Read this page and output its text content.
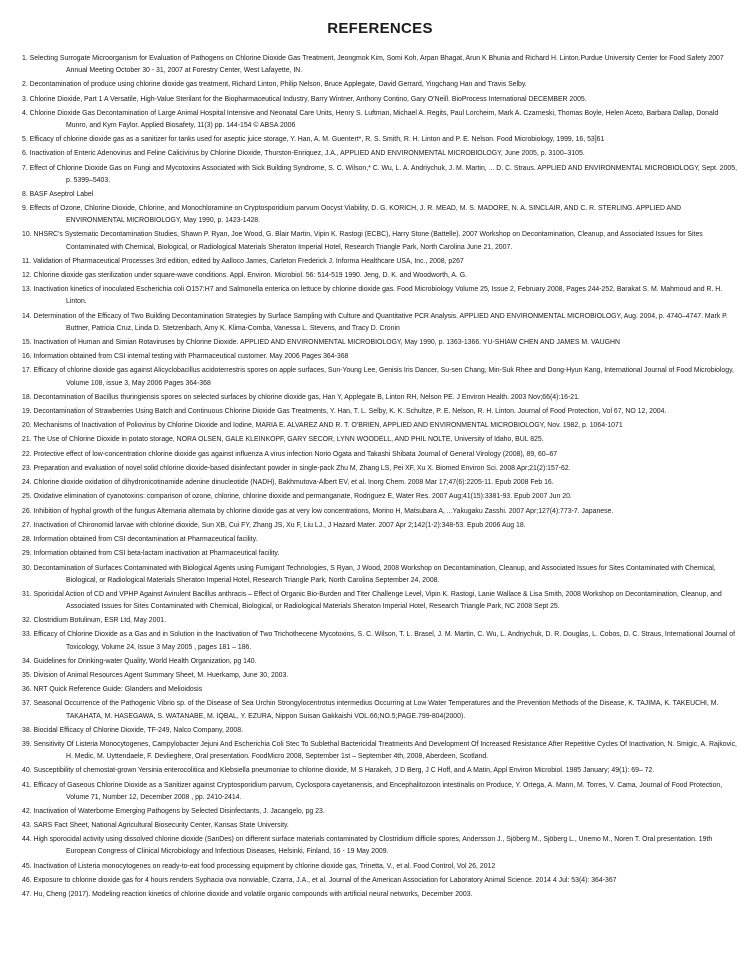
REFERENCES
1. Selecting Surrogate Microorganism for Evaluation of Pathogens on Chlorine Dioxide Gas Treatment, Jeongmok Kim, Somi Koh, Arpan Bhagat, Arun K Bhunia and Richard H. Linton.Purdue University Center for Food Safety 2007 Annual Meeting October 30 - 31, 2007 at Forestry Center, West Lafayette, IN.
2. Decontamination of produce using chlorine dioxide gas treatment, Richard Linton, Philip Nelson, Bruce Applegate, David Gerrard, Yingchang Han and Travis Selby.
3. Chlorine Dioxide, Part 1 A Versatile, High-Value Sterilant for the Biopharmaceutical Industry, Barry Wintner, Anthony Contino, Gary O’Neill. BioProcess International DECEMBER 2005.
4. Chlorine Dioxide Gas Decontamination of Large Animal Hospital Intensive and Neonatal Care Units, Henry S. Luftman, Michael A. Regits, Paul Lorcheim, Mark A. Czarneski, Thomas Boyle, Helen Aceto, Barbara Dallap, Donald Munro, and Kym Faylor. Applied Biosafety, 11(3) pp. 144-154 © ABSA 2006
5. Efficacy of chlorine dioxide gas as a sanitizer for tanks used for aseptic juice storage, Y. Han, A. M. Guentert*, R. S. Smith, R. H. Linton and P. E. Nelson. Food Microbiology, 1999, 16, 53]61
6. Inactivation of Enteric Adenovirus and Feline Calicivirus by Chlorine Dioxide, Thurston-Enriquez, J.A., APPLIED AND ENVIRONMENTAL MICROBIOLOGY, June 2005, p. 3100–3105.
7. Effect of Chlorine Dioxide Gas on Fungi and Mycotoxins Associated with Sick Building Syndrome, S. C. Wilson,* C. Wu, L. A. Andriychuk, J. M. Martin, ... D. C. Straus. APPLIED AND ENVIRONMENTAL MICROBIOLOGY, Sept. 2005, p. 5399–5403.
8. BASF Aseptrol Label
9. Effects of Ozone, Chlorine Dioxide, Chlorine, and Monochloramine on Cryptosporidium parvum Oocyst Viability, D. G. KORICH, J. R. MEAD, M. S. MADORE, N. A. SINCLAIR, AND C. R. STERLING. APPLIED AND ENVIRONMENTAL MICROBIOLOGY, May 1990, p. 1423-1428.
10. NHSRC’s Systematic Decontamination Studies, Shawn P. Ryan, Joe Wood, G. Blair Martin, Vipin K. Rastogi (ECBC), Harry Stone (Battelle). 2007 Workshop on Decontamination, Cleanup, and Associated Issues for Sites Contaminated with Chemical, Biological, or Radiological Materials Sheraton Imperial Hotel, Research Triangle Park, North Carolina June 21, 2007.
11. Validation of Pharmaceutical Processes 3rd edition, edited by Aalloco James, Carleton Frederick J. Informa Healthcare USA, Inc., 2008, p267
12. Chlorine dioxide gas sterilization under square-wave conditions. Appl. Environ. Microbiol. 56: 514-519 1990. Jeng, D. K. and Woodworth, A. G.
13. Inactivation kinetics of inoculated Escherichia coli O157:H7 and Salmonella enterica on lettuce by chlorine dioxide gas. Food Microbiology Volume 25, Issue 2, February 2008, Pages 244-252, Barakat S. M. Mahmoud and R. H. Linton.
14. Determination of the Efficacy of Two Building Decontamination Strategies by Surface Sampling with Culture and Quantitative PCR Analysis. APPLIED AND ENVIRONMENTAL MICROBIOLOGY, Aug. 2004, p. 4740–4747. Mark P. Buttner, Patricia Cruz, Linda D. Stetzenbach, Amy K. Klima-Comba, Vanessa L. Stevens, and Tracy D. Cronin
15. Inactivation of Human and Simian Rotaviruses by Chlorine Dioxide. APPLIED AND ENVIRONMENTAL MICROBIOLOGY, May 1990, p. 1363-1366. YU-SHIAW CHEN AND JAMES M. VAUGHN
16. Information obtained from CSI internal testing with Pharmaceutical customer. May 2006 Pages 364-368
17. Efficacy of chlorine dioxide gas against Alicyclobacillus acidoterrestris spores on apple surfaces, Sun-Young Lee, Genisis Iris Dancer, Su-sen Chang, Min-Suk Rhee and Dong-Hyun Kang, International Journal of Food Microbiology, Volume 108, issue 3, May 2006 Pages 364-368
18. Decontamination of Bacillus thuringiensis spores on selected surfaces by chlorine dioxide gas, Han Y, Applegate B, Linton RH, Nelson PE. J Environ Health. 2003 Nov;66(4):16-21.
19. Decontamination of Strawberries Using Batch and Continuous Chlorine Dioxide Gas Treatments, Y. Han, T. L. Selby, K. K. Schultze, P. E. Nelson, R. H. Linton. Journal of Food Protection, Vol 67, NO 12, 2004.
20. Mechanisms of Inactivation of Poliovirus by Chlorine Dioxide and Iodine, MARIA E. ALVAREZ AND R. T. O’BRIEN, APPLIED AND ENVIRONMENTAL MICROBIOLOGY, Nov. 1982, p. 1064-1071
21. The Use of Chlorine Dioxide in potato storage, NORA OLSEN, GALE KLEINKOPF, GARY SECOR, LYNN WOODELL, AND PHIL NOLTE, University of Idaho, BUL 825.
22. Protective effect of low-concentration chlorine dioxide gas against influenza A virus infection Norio Ogata and Takashi Shibata Journal of General Virology (2008), 89, 60–67
23. Preparation and evaluation of novel solid chlorine dioxide-based disinfectant powder in single-pack Zhu M, Zhang LS, Pei XF, Xu X. Biomed Environ Sci. 2008 Apr;21(2):157-62.
24. Chlorine dioxide oxidation of dihydronicotinamide adenine dinucleotide (NADH), Bakhmutova-Albert EV, et al. Inorg Chem. 2008 Mar 17;47(6):2205-11. Epub 2008 Feb 16.
25. Oxidative elimination of cyanotoxins: comparison of ozone, chlorine, chlorine dioxide and permanganate, Rodriguez E, Water Res. 2007 Aug;41(15):3381-93. Epub 2007 Jun 20.
26. Inhibition of hyphal growth of the fungus Alternaria alternata by chlorine dioxide gas at very low concentrations, Morino H, Matsubara A, ...Yakugaku Zasshi. 2007 Apr;127(4):773-7. Japanese.
27. Inactivation of Chironomid larvae with chlorine dioxide, Sun XB, Cui FY, Zhang JS, Xu F, Liu LJ., J Hazard Mater. 2007 Apr 2;142(1-2):348-53. Epub 2006 Aug 18.
28. Information obtained from CSI decontamination at Pharmaceutical facility.
29. Information obtained from CSI beta-lactam inactivation at Pharmaceutical facility.
30. Decontamination of Surfaces Contaminated with Biological Agents using Fumigant Technologies, S Ryan, J Wood, 2008 Workshop on Decontamination, Cleanup, and Associated Issues for Sites Contaminated with Chemical, Biological, or Radiological Materials Sheraton Imperial Hotel, Research Triangle Park, North Carolina September 24, 2008.
31. Sporicidal Action of CD and VPHP Against Avirulent Bacillus anthracis – Effect of Organic Bio-Burden and Titer Challenge Level, Vipin K. Rastogi, Lanie Wallace & Lisa Smith, 2008 Workshop on Decontamination, Cleanup, and Associated Issues for Sites Contaminated with Chemical, Biological, or Radiological Materials Sheraton Imperial Hotel, Research Triangle Park, NC 2008 Sept 25.
32. Clostridium Botulinum, ESR Ltd, May 2001.
33. Efficacy of Chlorine Dioxide as a Gas and in Solution in the Inactivation of Two Trichothecene Mycotoxins, S. C. Wilson, T. L. Brasel, J. M. Martin, C. Wu, L. Andriychuk, D. R. Douglas, L. Cobos, D. C. Straus, International Journal of Toxicology, Volume 24, Issue 3 May 2005 , pages 181 – 186.
34. Guidelines for Drinking-water Quality, World Health Organization, pg 140.
35. Division of Animal Resources Agent Summary Sheet, M. Huerkamp, June 30, 2003.
36. NRT Quick Reference Guide: Glanders and Melioidosis
37. Seasonal Occurrence of the Pathogenic Vibrio sp. of the Disease of Sea Urchin Strongylocentrotus intermedius Occurring at Low Water Temperatures and the Prevention Methods of the Disease, K. TAJIMA, K. TAKEUCHI, M. TAKAHATA, M. HASEGAWA, S. WATANABE, M. IQBAL, Y. EZURA, Nippon Suisan Gakkaishi VOL.66;NO.5;PAGE.799-804(2000).
38. Biocidal Efficacy of Chlorine Dioxide, TF-249, Nalco Company, 2008.
39. Sensitivity Of Listeria Monocytogenes, Campylobacter Jejuni And Escherichia Coli Stec To Sublethal Bactericidal Treatments And Development Of Increased Resistance After Repetitive Cycles Of Inactivation, N. Smigic, A. Rajkovic, H. Medic, M. Uyttendaele, F. Devlieghere, Oral presentation. FoodMicro 2008, September 1st – September 4th, 2008, Aberdeen, Scotland.
40. Susceptibility of chemostat-grown Yersinia enterocolitica and Klebsiella pneumoniae to chlorine dioxide, M S Harakeh, J D Berg, J C Hoff, and A Matin, Appl Environ Microbiol. 1985 January; 49(1): 69– 72.
41. Efficacy of Gaseous Chlorine Dioxide as a Sanitizer against Cryptosporidium parvum, Cyclospora cayetanensis, and Encephalitozoon intestinalis on Produce, Y. Ortega, A. Mann, M. Torres, V. Cama, Journal of Food Protection, Volume 71, Number 12, December 2008 , pp. 2410-2414.
42. Inactivation of Waterborne Emerging Pathogens by Selected Disinfectants, J. Jacangelo, pg 23.
43. SARS Fact Sheet, National Agricultural Biosecurity Center, Kansas State University.
44. High sporocidal activity using dissolved chlorine dioxide (SanDes) on different surface materials contaminated by Clostridium difficile spores, Andersson J., Sjöberg M., Sjöberg L., Unemo M., Noren T. Oral presentation. 19th European Congress of Clinical Microbiology and Infectious Diseases, Helsinki, Finland, 16 - 19 May 2009.
45. Inactivation of Listeria monocytogenes on ready-to-eat food processing equipment by chlorine dioxide gas, Trinetta, V., et al. Food Control, Vol 26, 2012
46. Exposure to chlorine dioxide gas for 4 hours renders Syphacia ova nonviable, Czarra, J.A., et al. Journal of the American Association for Laboratory Animal Science. 2014 4 Jul: 53(4): 364-367
47. Hu, Cheng (2017). Modeling reaction kinetics of chlorine dioxide and volatile organic compounds with artificial neural networks, December 2003.
